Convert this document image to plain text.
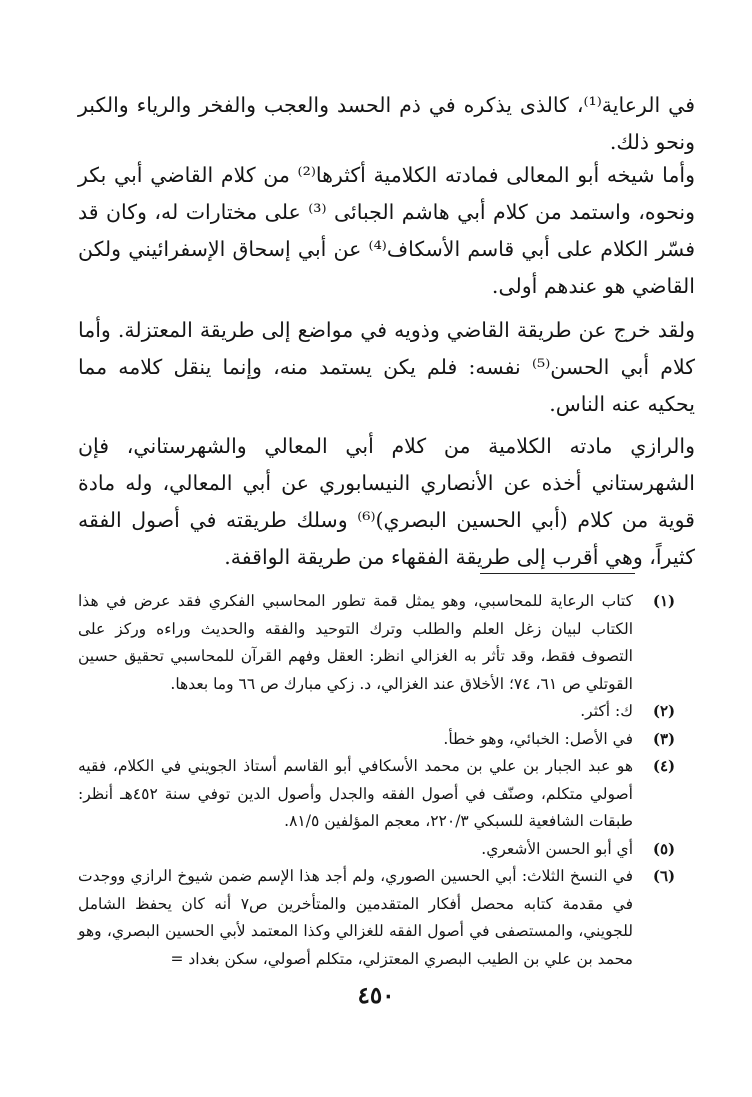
في الرعاية⁽¹⁾، كالذى يذكره في ذم الحسد والعجب والفخر والرياء والكبر ونحو ذلك.

وأما شيخه أبو المعالى فمادته الكلامية أكثرها⁽²⁾ من كلام القاضي أبي بكر ونحوه، واستمد من كلام أبي هاشم الجبائى ⁽³⁾ على مختارات له، وكان قد فسّر الكلام على أبي قاسم الأسكاف⁽⁴⁾ عن أبي إسحاق الإسفرائيني ولكن القاضي هو عندهم أولى.

ولقد خرج عن طريقة القاضي وذويه في مواضع إلى طريقة المعتزلة. وأما كلام أبي الحسن⁽⁵⁾ نفسه: فلم يكن يستمد منه، وإنما ينقل كلامه مما يحكيه عنه الناس.

والرازي مادته الكلامية من كلام أبي المعالي والشهرستاني، فإن الشهرستاني أخذه عن الأنصاري النيسابوري عن أبي المعالي، وله مادة قوية من كلام (أبي الحسين البصري)⁽⁶⁾ وسلك طريقته في أصول الفقه كثيراً، وهي أقرب إلى طريقة الفقهاء من طريقة الواقفة.

(١)
كتاب الرعاية للمحاسبي، وهو يمثل قمة تطور المحاسبي الفكري فقد عرض في هذا الكتاب لبيان زغل العلم والطلب وترك التوحيد والفقه والحديث وراءه وركز على التصوف فقط، وقد تأثر به الغزالي انظر: العقل وفهم القرآن للمحاسبي تحقيق حسين القوتلي ص ٦١، ٧٤؛ الأخلاق عند الغزالي، د. زكي مبارك ص ٦٦ وما بعدها.
(٢)
ك: أكثر.
(٣)
في الأصل: الخبائي، وهو خطأ.
(٤)
هو عبد الجبار بن علي بن محمد الأسكافي أبو القاسم أستاذ الجويني في الكلام، فقيه أصولي متكلم، وصنّف في أصول الفقه والجدل وأصول الدين توفي سنة ٤٥٢هـ أنظر: طبقات الشافعية للسبكي ٢٢٠/٣، معجم المؤلفين ٨١/٥.
(٥)
أي أبو الحسن الأشعري.
(٦)
في النسخ الثلاث: أبي الحسين الصوري، ولم أجد هذا الإسم ضمن شيوخ الرازي ووجدت في مقدمة كتابه محصل أفكار المتقدمين والمتأخرين ص٧ أنه كان يحفظ الشامل للجويني، والمستصفى في أصول الفقه للغزالي وكذا المعتمد لأبي الحسين البصري، وهو محمد بن علي بن الطيب البصري المعتزلي، متكلم أصولي، سكن بغداد =
٤٥٠
